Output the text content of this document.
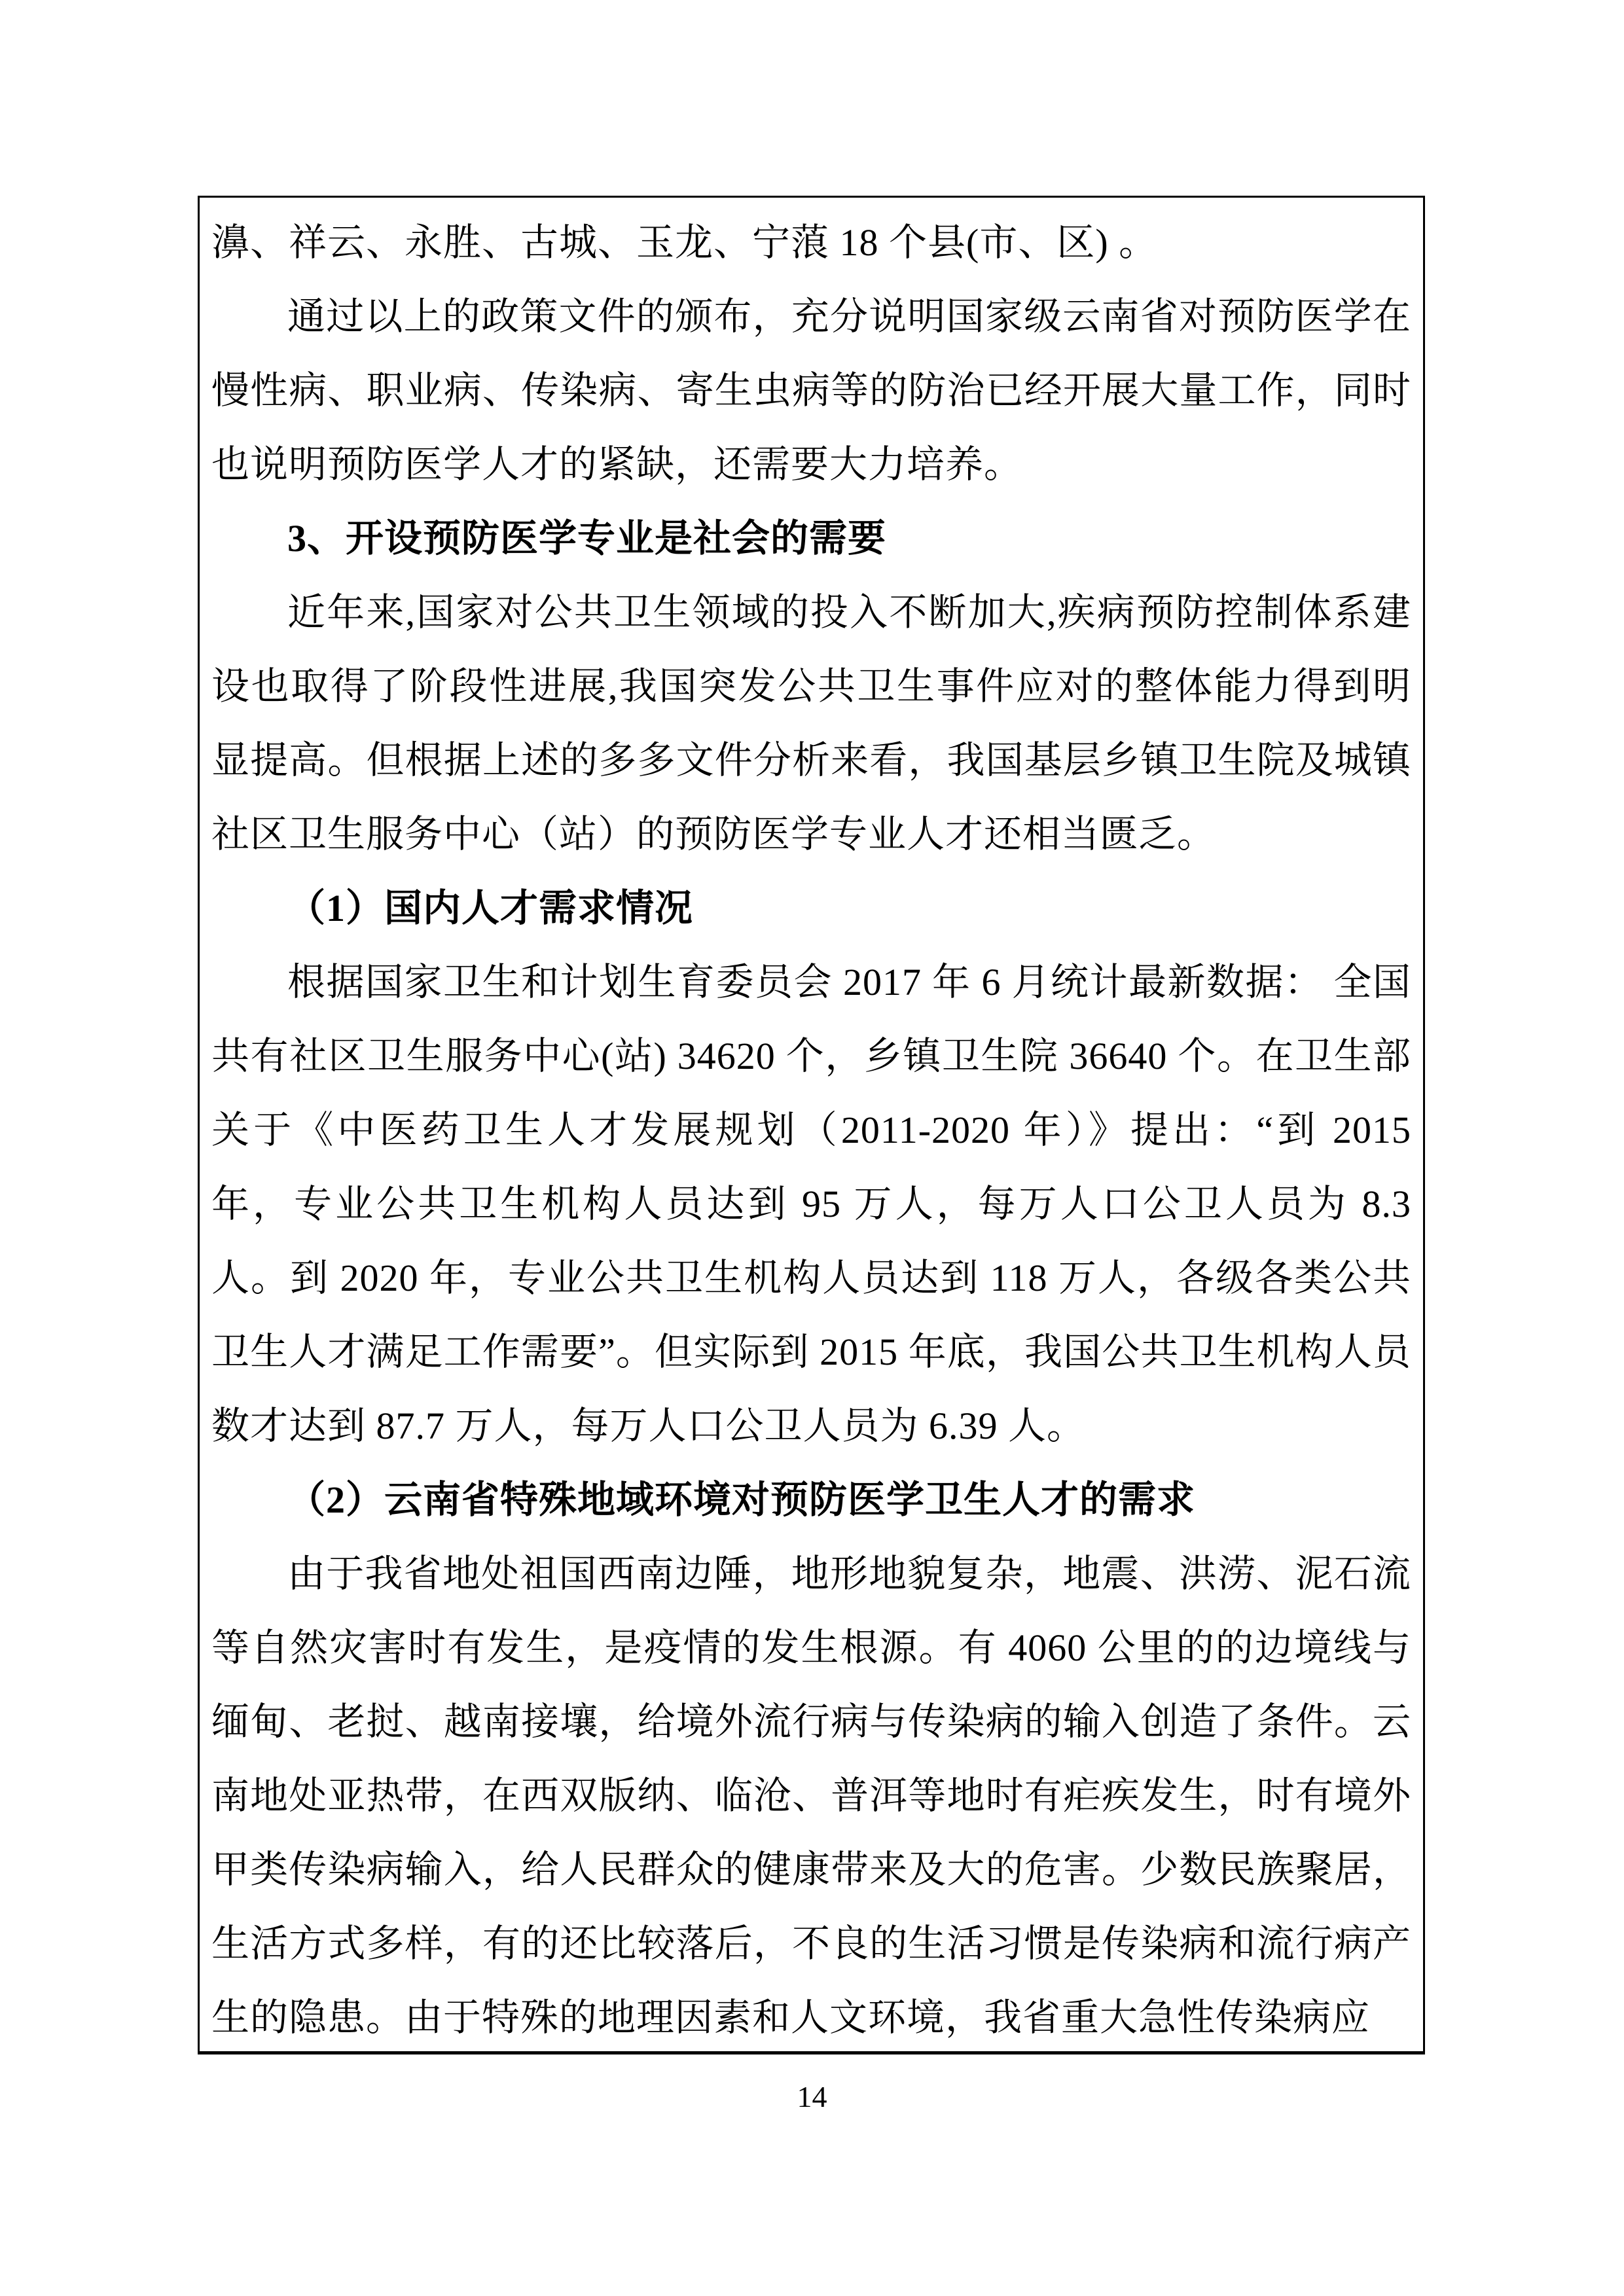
濞、祥云、永胜、古城、玉龙、宁蒗 18 个县(市、区) 。

通过以上的政策文件的颁布，充分说明国家级云南省对预防医学在慢性病、职业病、传染病、寄生虫病等的防治已经开展大量工作，同时也说明预防医学人才的紧缺，还需要大力培养。

3、开设预防医学专业是社会的需要

近年来,国家对公共卫生领域的投入不断加大,疾病预防控制体系建设也取得了阶段性进展,我国突发公共卫生事件应对的整体能力得到明显提高。但根据上述的多多文件分析来看，我国基层乡镇卫生院及城镇社区卫生服务中心（站）的预防医学专业人才还相当匮乏。

（1）国内人才需求情况

根据国家卫生和计划生育委员会 2017 年 6 月统计最新数据： 全国共有社区卫生服务中心(站) 34620 个，乡镇卫生院 36640 个。在卫生部关于《中医药卫生人才发展规划（2011-2020 年）》提出：“到 2015 年，专业公共卫生机构人员达到 95 万人，每万人口公卫人员为 8.3 人。到 2020 年，专业公共卫生机构人员达到 118 万人，各级各类公共卫生人才满足工作需要”。但实际到 2015 年底，我国公共卫生机构人员数才达到 87.7 万人，每万人口公卫人员为 6.39 人。

（2）云南省特殊地域环境对预防医学卫生人才的需求

由于我省地处祖国西南边陲，地形地貌复杂，地震、洪涝、泥石流等自然灾害时有发生，是疫情的发生根源。有 4060 公里的的边境线与缅甸、老挝、越南接壤，给境外流行病与传染病的输入创造了条件。云南地处亚热带，在西双版纳、临沧、普洱等地时有疟疾发生，时有境外甲类传染病输入，给人民群众的健康带来及大的危害。少数民族聚居，生活方式多样，有的还比较落后，不良的生活习惯是传染病和流行病产生的隐患。由于特殊的地理因素和人文环境，我省重大急性传染病应

14
